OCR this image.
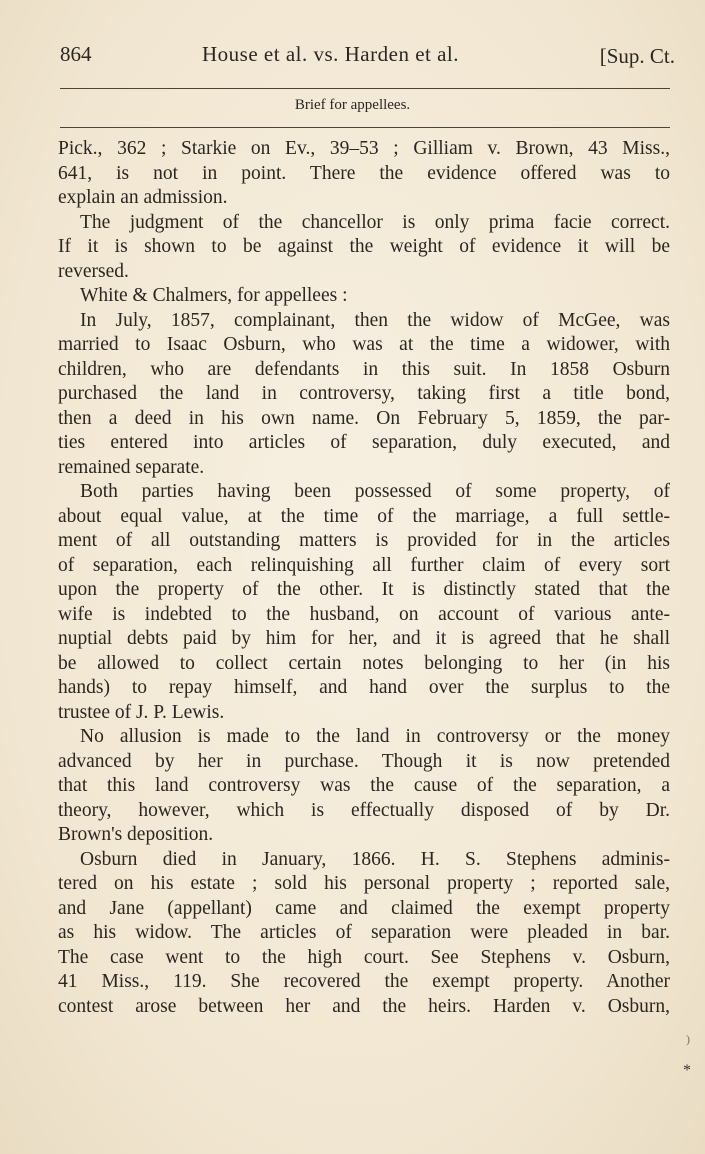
864	House et al. vs. Harden et al.	[Sup. Ct.
Brief for appellees.
Pick., 362 ; Starkie on Ev., 39–53 ; Gilliam v. Brown, 43 Miss.,
641, is not in point. There the evidence offered was to
explain an admission.
The judgment of the chancellor is only prima facie correct.
If it is shown to be against the weight of evidence it will be
reversed.
White & Chalmers, for appellees :
In July, 1857, complainant, then the widow of McGee, was
married to Isaac Osburn, who was at the time a widower, with
children, who are defendants in this suit. In 1858 Osburn
purchased the land in controversy, taking first a title bond,
then a deed in his own name. On February 5, 1859, the par-
ties entered into articles of separation, duly executed, and
remained separate.
Both parties having been possessed of some property, of
about equal value, at the time of the marriage, a full settle-
ment of all outstanding matters is provided for in the articles
of separation, each relinquishing all further claim of every sort
upon the property of the other. It is distinctly stated that the
wife is indebted to the husband, on account of various ante-
nuptial debts paid by him for her, and it is agreed that he shall
be allowed to collect certain notes belonging to her (in his
hands) to repay himself, and hand over the surplus to the
trustee of J. P. Lewis.
No allusion is made to the land in controversy or the money
advanced by her in purchase. Though it is now pretended
that this land controversy was the cause of the separation, a
theory, however, which is effectually disposed of by Dr.
Brown's deposition.
Osburn died in January, 1866. H. S. Stephens adminis-
tered on his estate ; sold his personal property ; reported sale,
and Jane (appellant) came and claimed the exempt property
as his widow. The articles of separation were pleaded in bar.
The case went to the high court. See Stephens v. Osburn,
41 Miss., 119. She recovered the exempt property. Another
contest arose between her and the heirs. Harden v. Osburn,
)
*
